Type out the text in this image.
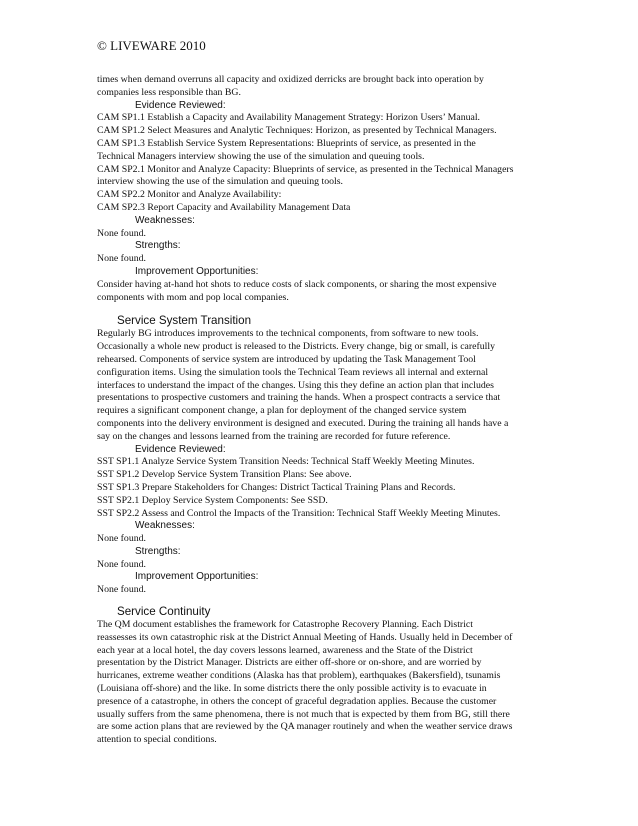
© LIVEWARE 2010

times when demand overruns all capacity and oxidized derricks are brought back into operation by

companies less responsible than BG.

Evidence Reviewed:

CAM SP1.1 Establish a Capacity and Availability Management Strategy: Horizon Users’ Manual.

CAM SP1.2 Select Measures and Analytic Techniques: Horizon, as presented by Technical Managers.

CAM SP1.3 Establish Service System Representations: Blueprints of service, as presented in the

Technical Managers interview showing the use of the simulation and queuing tools.

CAM SP2.1 Monitor and Analyze Capacity: Blueprints of service, as presented in the Technical Managers

interview showing the use of the simulation and queuing tools.

CAM SP2.2 Monitor and Analyze Availability:

CAM SP2.3 Report Capacity and Availability Management Data

Weaknesses:

None found.

Strengths:

None found.

Improvement Opportunities:

Consider having at-hand hot shots to reduce costs of slack components, or sharing the most expensive

components with mom and pop local companies.

Service System Transition

Regularly BG introduces improvements to the technical components, from software to new tools.

Occasionally a whole new product is released to the Districts. Every change, big or small, is carefully

rehearsed. Components of service system are introduced by updating the Task Management Tool

configuration items. Using the simulation tools the Technical Team reviews all internal and external

interfaces to understand the impact of the changes. Using this they define an action plan that includes

presentations to prospective customers and training the hands. When a prospect contracts a service that

requires a significant component change, a plan for deployment of the changed service system

components into the delivery environment is designed and executed. During the training all hands have a

say on the changes and lessons learned from the training are recorded for future reference.

Evidence Reviewed:

SST SP1.1 Analyze Service System Transition Needs: Technical Staff Weekly Meeting Minutes.

SST SP1.2 Develop Service System Transition Plans: See above.

SST SP1.3 Prepare Stakeholders for Changes: District Tactical Training Plans and Records.

SST SP2.1 Deploy Service System Components: See SSD.

SST SP2.2 Assess and Control the Impacts of the Transition: Technical Staff Weekly Meeting Minutes.

Weaknesses:

None found.

Strengths:

None found.

Improvement Opportunities:

None found.

Service Continuity

The QM document establishes the framework for Catastrophe Recovery Planning. Each District

reassesses its own catastrophic risk at the District Annual Meeting of Hands. Usually held in December of

each year at a local hotel, the day covers lessons learned, awareness and the State of the District

presentation by the District Manager. Districts are either off-shore or on-shore, and are worried by

hurricanes, extreme weather conditions (Alaska has that problem), earthquakes (Bakersfield), tsunamis

(Louisiana off-shore) and the like. In some districts there the only possible activity is to evacuate in

presence of a catastrophe, in others the concept of graceful degradation applies. Because the customer

usually suffers from the same phenomena, there is not much that is expected by them from BG, still there

are some action plans that are reviewed by the QA manager routinely and when the weather service draws

attention to special conditions.
